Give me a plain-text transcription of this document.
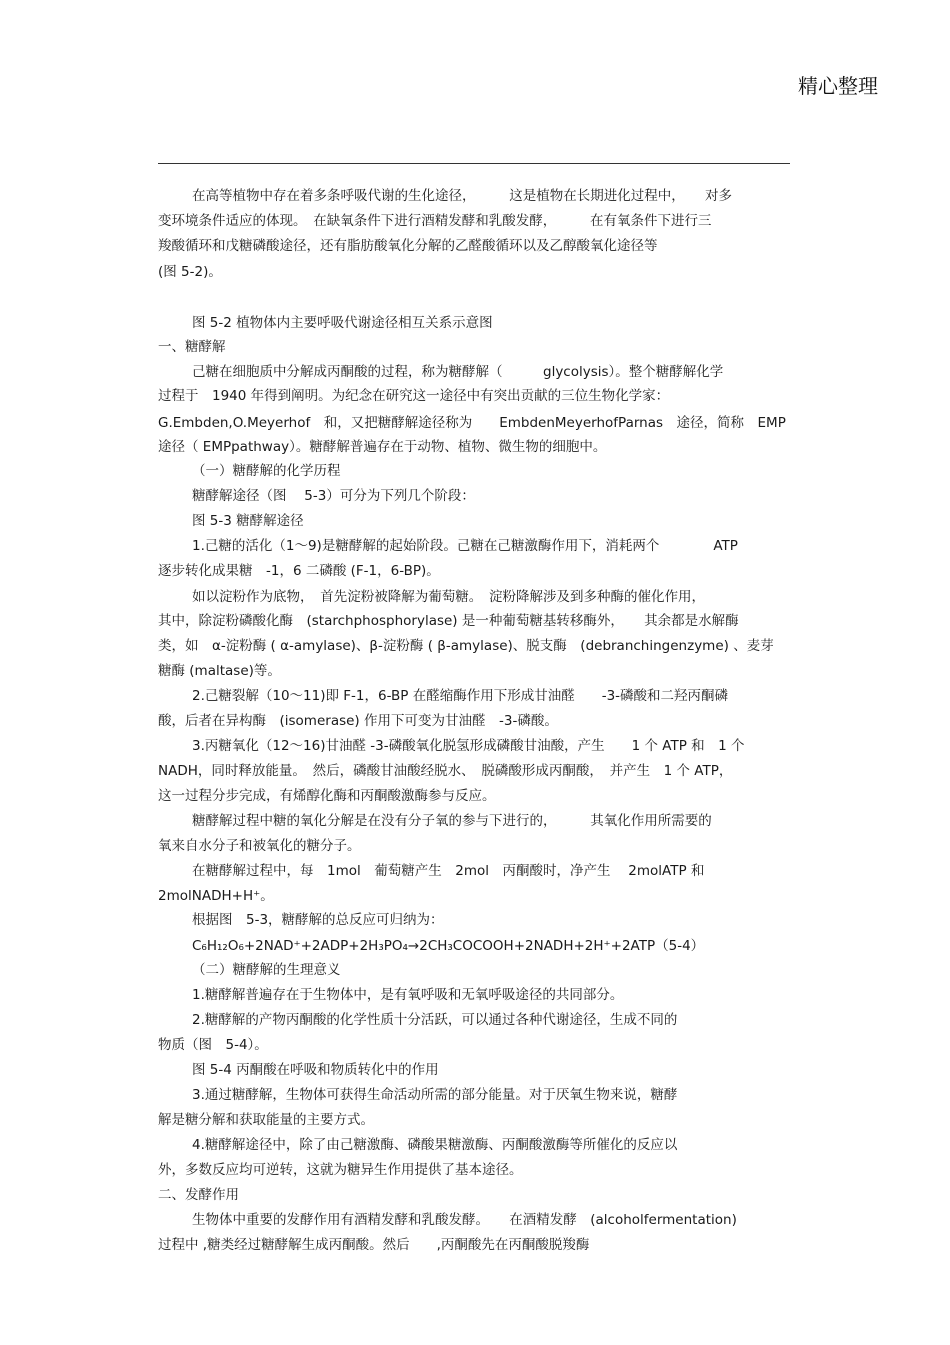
精心整理
在高等植物中存在着多条呼吸代谢的生化途径，　　　这是植物在长期进化过程中，　　对多
变环境条件适应的体现。　在缺氧条件下进行酒精发酵和乳酸发酵，　　　在有氧条件下进行三
羧酸循环和戊糖磷酸途径，还有脂肪酸氧化分解的乙醛酸循环以及乙醇酸氧化途径等
(图 5-2)。
图 5-2 植物体内主要呼吸代谢途径相互关系示意图
一、糖酵解
己糖在细胞质中分解成丙酮酸的过程，称为糖酵解（　　　glycolysis）。整个糖酵解化学
过程于　1940 年得到阐明。为纪念在研究这一途径中有突出贡献的三位生物化学家：
G.Embden,O.Meyerhof　和，又把糖酵解途径称为　　EmbdenMeyerhofParnas　途径，简称　EMP
途径（ EMPpathway）。糖酵解普遍存在于动物、植物、微生物的细胞中。
（一）糖酵解的化学历程
糖酵解途径（图　 5-3）可分为下列几个阶段：
图 5-3 糖酵解途径
1.己糖的活化（1～9)是糖酵解的起始阶段。己糖在己糖激酶作用下，消耗两个　　　　ATP
逐步转化成果糖　-1，6 二磷酸 (F-1，6-BP)。
如以淀粉作为底物，　首先淀粉被降解为葡萄糖。　淀粉降解涉及到多种酶的催化作用，
其中，除淀粉磷酸化酶　(starchphosphorylase) 是一种葡萄糖基转移酶外，　　其余都是水解酶
类，如　α-淀粉酶 ( α-amylase)、β-淀粉酶 ( β-amylase)、脱支酶　(debranchingenzyme) 、麦芽
糖酶 (maltase)等。
2.己糖裂解（10～11)即 F-1，6-BP 在醛缩酶作用下形成甘油醛　　-3-磷酸和二羟丙酮磷
酸，后者在异构酶　(isomerase) 作用下可变为甘油醛　-3-磷酸。
3.丙糖氧化（12～16)甘油醛 -3-磷酸氧化脱氢形成磷酸甘油酸，产生　　1 个 ATP 和　1 个
NADH，同时释放能量。　然后，磷酸甘油酸经脱水、　脱磷酸形成丙酮酸，　并产生　1 个 ATP，
这一过程分步完成，有烯醇化酶和丙酮酸激酶参与反应。
糖酵解过程中糖的氧化分解是在没有分子氧的参与下进行的，　　　其氧化作用所需要的
氧来自水分子和被氧化的糖分子。
在糖酵解过程中，每　1mol　葡萄糖产生　2mol　丙酮酸时，净产生　 2molATP 和
2molNADH+H⁺。
根据图　5-3，糖酵解的总反应可归纳为：
C₆H₁₂O₆+2NAD⁺+2ADP+2H₃PO₄→2CH₃COCOOH+2NADH+2H⁺+2ATP（5-4）
（二）糖酵解的生理意义
1.糖酵解普遍存在于生物体中，是有氧呼吸和无氧呼吸途径的共同部分。
2.糖酵解的产物丙酮酸的化学性质十分活跃，可以通过各种代谢途径，生成不同的
物质（图　5-4）。
图 5-4 丙酮酸在呼吸和物质转化中的作用
3.通过糖酵解，生物体可获得生命活动所需的部分能量。对于厌氧生物来说，糖酵
解是糖分解和获取能量的主要方式。
4.糖酵解途径中，除了由己糖激酶、磷酸果糖激酶、丙酮酸激酶等所催化的反应以
外，多数反应均可逆转，这就为糖异生作用提供了基本途径。
二、发酵作用
生物体中重要的发酵作用有酒精发酵和乳酸发酵。　　在酒精发酵　(alcoholfermentation)
过程中 ,糖类经过糖酵解生成丙酮酸。然后　　,丙酮酸先在丙酮酸脱羧酶
